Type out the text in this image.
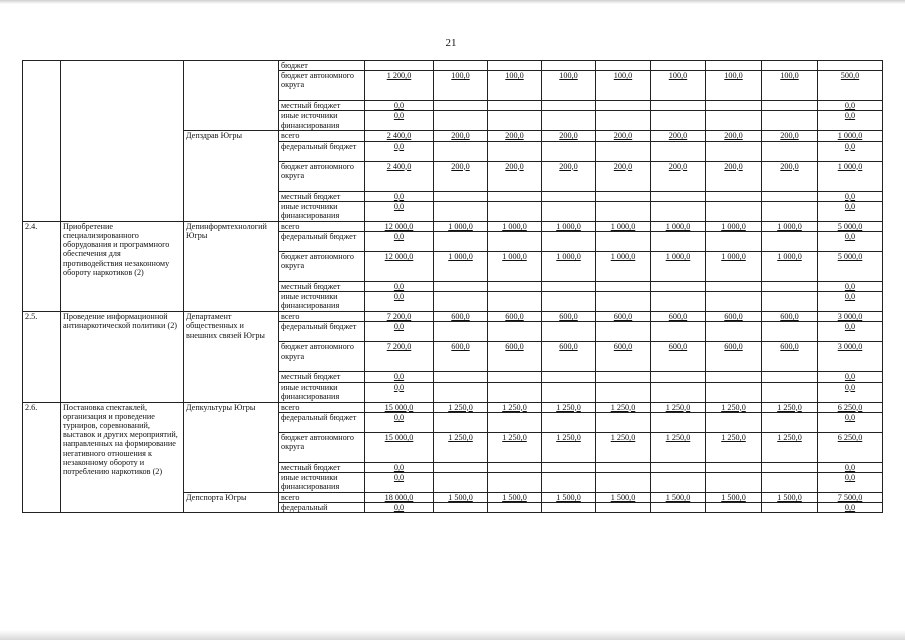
21
			бюджет									
			бюджет автономного округа	1 200,0	100,0	100,0	100,0	100,0	100,0	100,0	100,0	500,0
			местный бюджет	0,0								0,0
			иные источники финансирования	0,0								0,0
		Депздрав Югры	всего	2 400,0	200,0	200,0	200,0	200,0	200,0	200,0	200,0	1 000,0
			федеральный бюджет	0,0								0,0
			бюджет автономного округа	2 400,0	200,0	200,0	200,0	200,0	200,0	200,0	200,0	1 000,0
			местный бюджет	0,0								0,0
			иные источники финансирования	0,0								0,0
2.4.	Приобретение специализированного оборудования и программного обеспечения для противодействия незаконному обороту наркотиков (2)	Депинформтехнологий Югры	всего	12 000,0	1 000,0	1 000,0	1 000,0	1 000,0	1 000,0	1 000,0	1 000,0	5 000,0
			федеральный бюджет	0,0								0,0
			бюджет автономного округа	12 000,0	1 000,0	1 000,0	1 000,0	1 000,0	1 000,0	1 000,0	1 000,0	5 000,0
			местный бюджет	0,0								0,0
			иные источники финансирования	0,0								0,0
2.5.	Проведение информационной антинаркотической политики (2)	Департамент общественных и внешних связей Югры	всего	7 200,0	600,0	600,0	600,0	600,0	600,0	600,0	600,0	3 000,0
			федеральный бюджет	0,0								0,0
			бюджет автономного округа	7 200,0	600,0	600,0	600,0	600,0	600,0	600,0	600,0	3 000,0
			местный бюджет	0,0								0,0
			иные источники финансирования	0,0								0,0
2.6.	Постановка спектаклей, организация и проведение турниров, соревнований, выставок и других мероприятий, направленных на формирование негативного отношения к незаконному обороту и потреблению наркотиков (2)	Депкультуры Югры	всего	15 000,0	1 250,0	1 250,0	1 250,0	1 250,0	1 250,0	1 250,0	1 250,0	6 250,0
			федеральный бюджет	0,0								0,0
			бюджет автономного округа	15 000,0	1 250,0	1 250,0	1 250,0	1 250,0	1 250,0	1 250,0	1 250,0	6 250,0
			местный бюджет	0,0								0,0
			иные источники финансирования	0,0								0,0
		Депспорта Югры	всего	18 000,0	1 500,0	1 500,0	1 500,0	1 500,0	1 500,0	1 500,0	1 500,0	7 500,0
			федеральный	0,0								0,0
